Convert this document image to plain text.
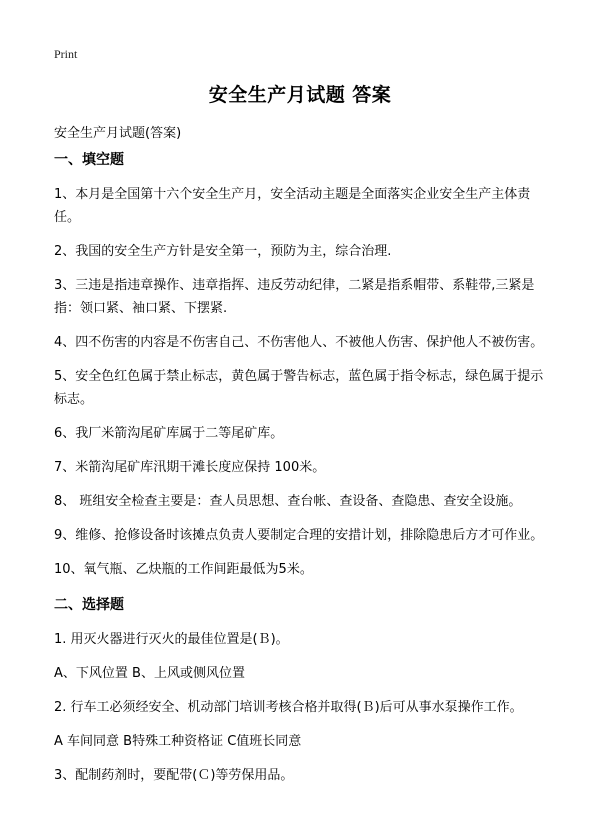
Print
安全生产月试题 答案
安全生产月试题(答案)
一、填空题
1、本月是全国第十六个安全生产月，安全活动主题是全面落实企业安全生产主体责任。
2、我国的安全生产方针是安全第一，预防为主，综合治理.
3、三违是指违章操作、违章指挥、违反劳动纪律，二紧是指系帽带、系鞋带,三紧是指：领口紧、袖口紧、下摆紧.
4、四不伤害的内容是不伤害自己、不伤害他人、不被他人伤害、保护他人不被伤害。
5、安全色红色属于禁止标志，黄色属于警告标志，蓝色属于指令标志，绿色属于提示标志。
6、我厂米箭沟尾矿库属于二等尾矿库。
7、米箭沟尾矿库汛期干滩长度应保持 100米。
8、 班组安全检查主要是：查人员思想、查台帐、查设备、查隐患、查安全设施。
9、维修、抢修设备时该摊点负责人要制定合理的安措计划，排除隐患后方才可作业。
10、氧气瓶、乙炔瓶的工作间距最低为5米。
二、选择题
1. 用灭火器进行灭火的最佳位置是(Ｂ)。
A、下风位置 B、上风或侧风位置
2. 行车工必须经安全、机动部门培训考核合格并取得(Ｂ)后可从事水泵操作工作。
A 车间同意 B特殊工种资格证 C值班长同意
3、配制药剂时，要配带(Ｃ)等劳保用品。
